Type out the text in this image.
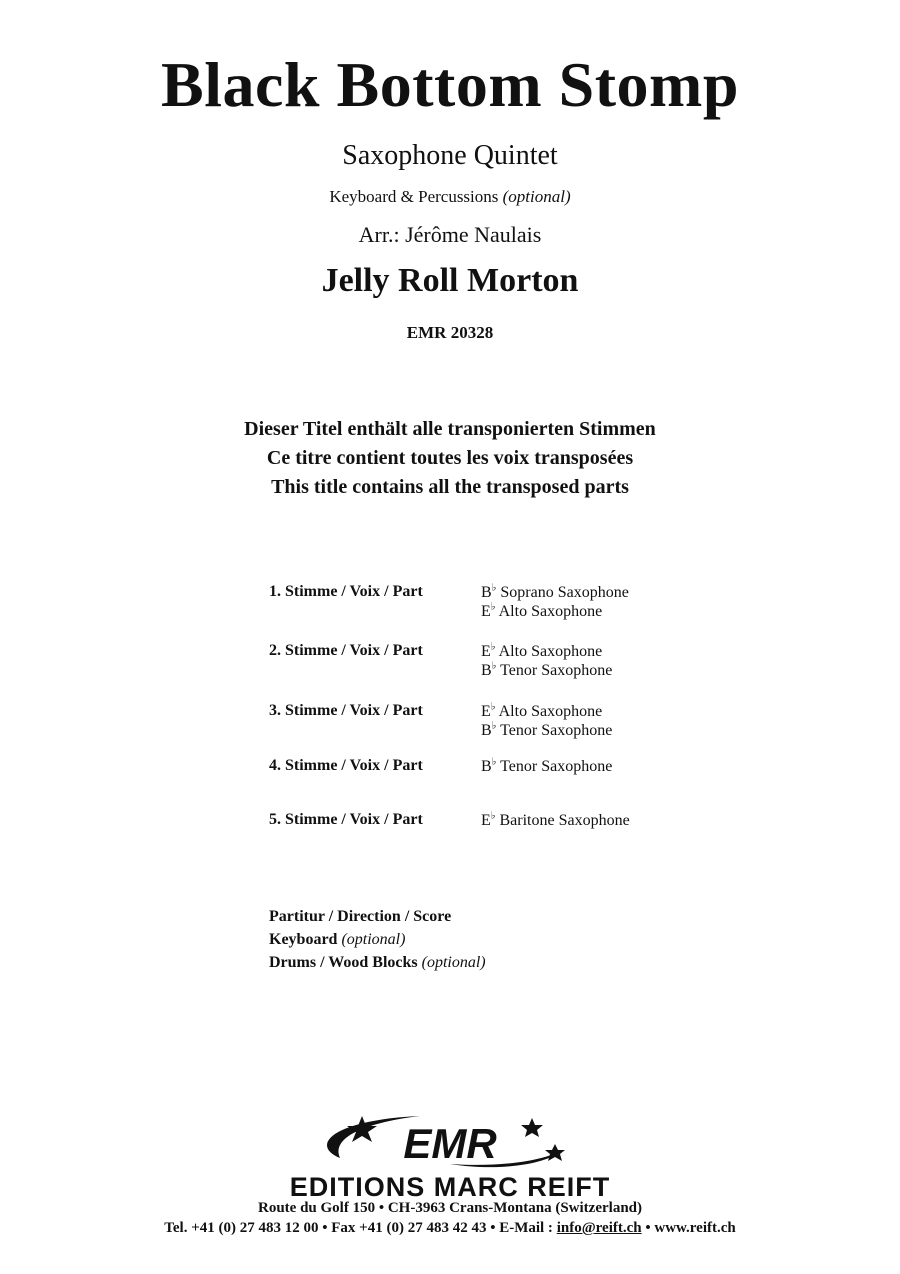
Black Bottom Stomp
Saxophone Quintet
Keyboard & Percussions (optional)
Arr.: Jérôme Naulais
Jelly Roll Morton
EMR 20328
Dieser Titel enthält alle transponierten Stimmen
Ce titre contient toutes les voix transposées
This title contains all the transposed parts
1. Stimme / Voix / Part	B♭ Soprano Saxophone
E♭ Alto Saxophone
2. Stimme / Voix / Part	E♭ Alto Saxophone
B♭ Tenor Saxophone
3. Stimme / Voix / Part	E♭ Alto Saxophone
B♭ Tenor Saxophone
4. Stimme / Voix / Part	B♭ Tenor Saxophone
5. Stimme / Voix / Part	E♭ Baritone Saxophone
Partitur / Direction / Score
Keyboard (optional)
Drums / Wood Blocks (optional)
EMR
EDITIONS MARC REIFT
Route du Golf 150 • CH-3963 Crans-Montana (Switzerland)
Tel. +41 (0) 27 483 12 00 • Fax +41 (0) 27 483 42 43 • E-Mail : info@reift.ch • www.reift.ch
